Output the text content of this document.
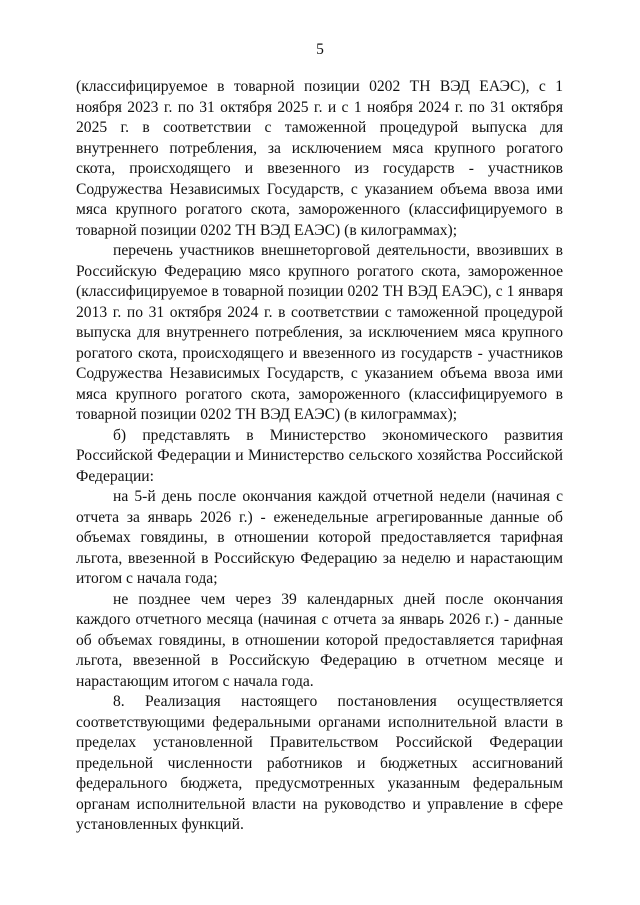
5

(классифицируемое в товарной позиции 0202 ТН ВЭД ЕАЭС), с 1 ноября 2023 г. по 31 октября 2025 г. и с 1 ноября 2024 г. по 31 октября 2025 г. в соответствии с таможенной процедурой выпуска для внутреннего потребления, за исключением мяса крупного рогатого скота, происходящего и ввезенного из государств - участников Содружества Независимых Государств, с указанием объема ввоза ими мяса крупного рогатого скота, замороженного (классифицируемого в товарной позиции 0202 ТН ВЭД ЕАЭС) (в килограммах);

перечень участников внешнеторговой деятельности, ввозивших в Российскую Федерацию мясо крупного рогатого скота, замороженное (классифицируемое в товарной позиции 0202 ТН ВЭД ЕАЭС), с 1 января 2013 г. по 31 октября 2024 г. в соответствии с таможенной процедурой выпуска для внутреннего потребления, за исключением мяса крупного рогатого скота, происходящего и ввезенного из государств - участников Содружества Независимых Государств, с указанием объема ввоза ими мяса крупного рогатого скота, замороженного (классифицируемого в товарной позиции 0202 ТН ВЭД ЕАЭС) (в килограммах);

б) представлять в Министерство экономического развития Российской Федерации и Министерство сельского хозяйства Российской Федерации:

на 5-й день после окончания каждой отчетной недели (начиная с отчета за январь 2026 г.) - еженедельные агрегированные данные об объемах говядины, в отношении которой предоставляется тарифная льгота, ввезенной в Российскую Федерацию за неделю и нарастающим итогом с начала года;

не позднее чем через 39 календарных дней после окончания каждого отчетного месяца (начиная с отчета за январь 2026 г.) - данные об объемах говядины, в отношении которой предоставляется тарифная льгота, ввезенной в Российскую Федерацию в отчетном месяце и нарастающим итогом с начала года.

8. Реализация настоящего постановления осуществляется соответствующими федеральными органами исполнительной власти в пределах установленной Правительством Российской Федерации предельной численности работников и бюджетных ассигнований федерального бюджета, предусмотренных указанным федеральным органам исполнительной власти на руководство и управление в сфере установленных функций.
